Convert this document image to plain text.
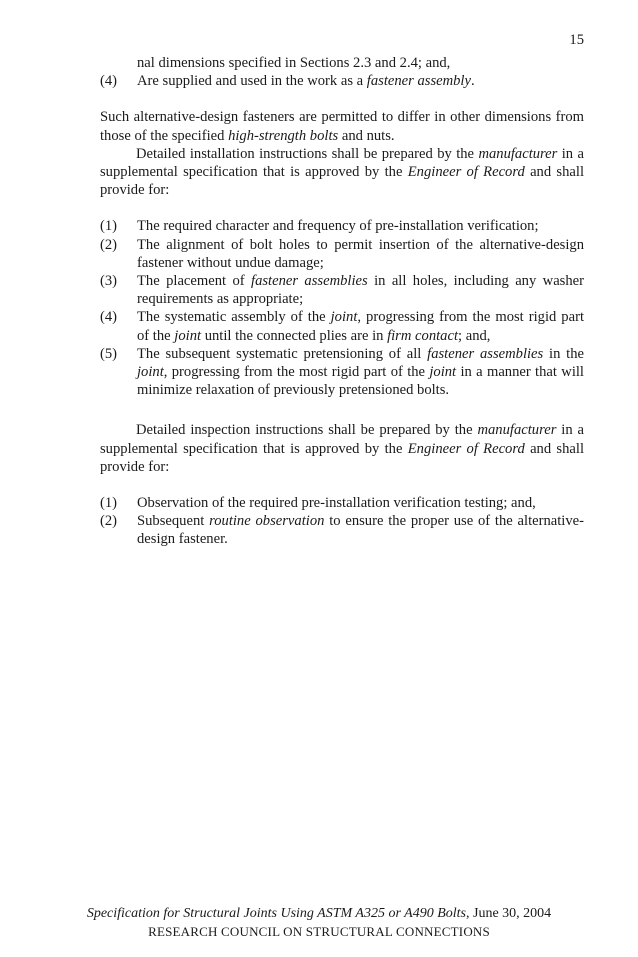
15
nal dimensions specified in Sections 2.3 and 2.4; and,
(4) Are supplied and used in the work as a fastener assembly.
Such alternative-design fasteners are permitted to differ in other dimensions from those of the specified high-strength bolts and nuts.
Detailed installation instructions shall be prepared by the manufacturer in a supplemental specification that is approved by the Engineer of Record and shall provide for:
(1) The required character and frequency of pre-installation verification;
(2) The alignment of bolt holes to permit insertion of the alternative-design fastener without undue damage;
(3) The placement of fastener assemblies in all holes, including any washer requirements as appropriate;
(4) The systematic assembly of the joint, progressing from the most rigid part of the joint until the connected plies are in firm contact; and,
(5) The subsequent systematic pretensioning of all fastener assemblies in the joint, progressing from the most rigid part of the joint in a manner that will minimize relaxation of previously pretensioned bolts.
Detailed inspection instructions shall be prepared by the manufacturer in a supplemental specification that is approved by the Engineer of Record and shall provide for:
(1) Observation of the required pre-installation verification testing; and,
(2) Subsequent routine observation to ensure the proper use of the alternative-design fastener.
Specification for Structural Joints Using ASTM A325 or A490 Bolts, June 30, 2004
RESEARCH COUNCIL ON STRUCTURAL CONNECTIONS
